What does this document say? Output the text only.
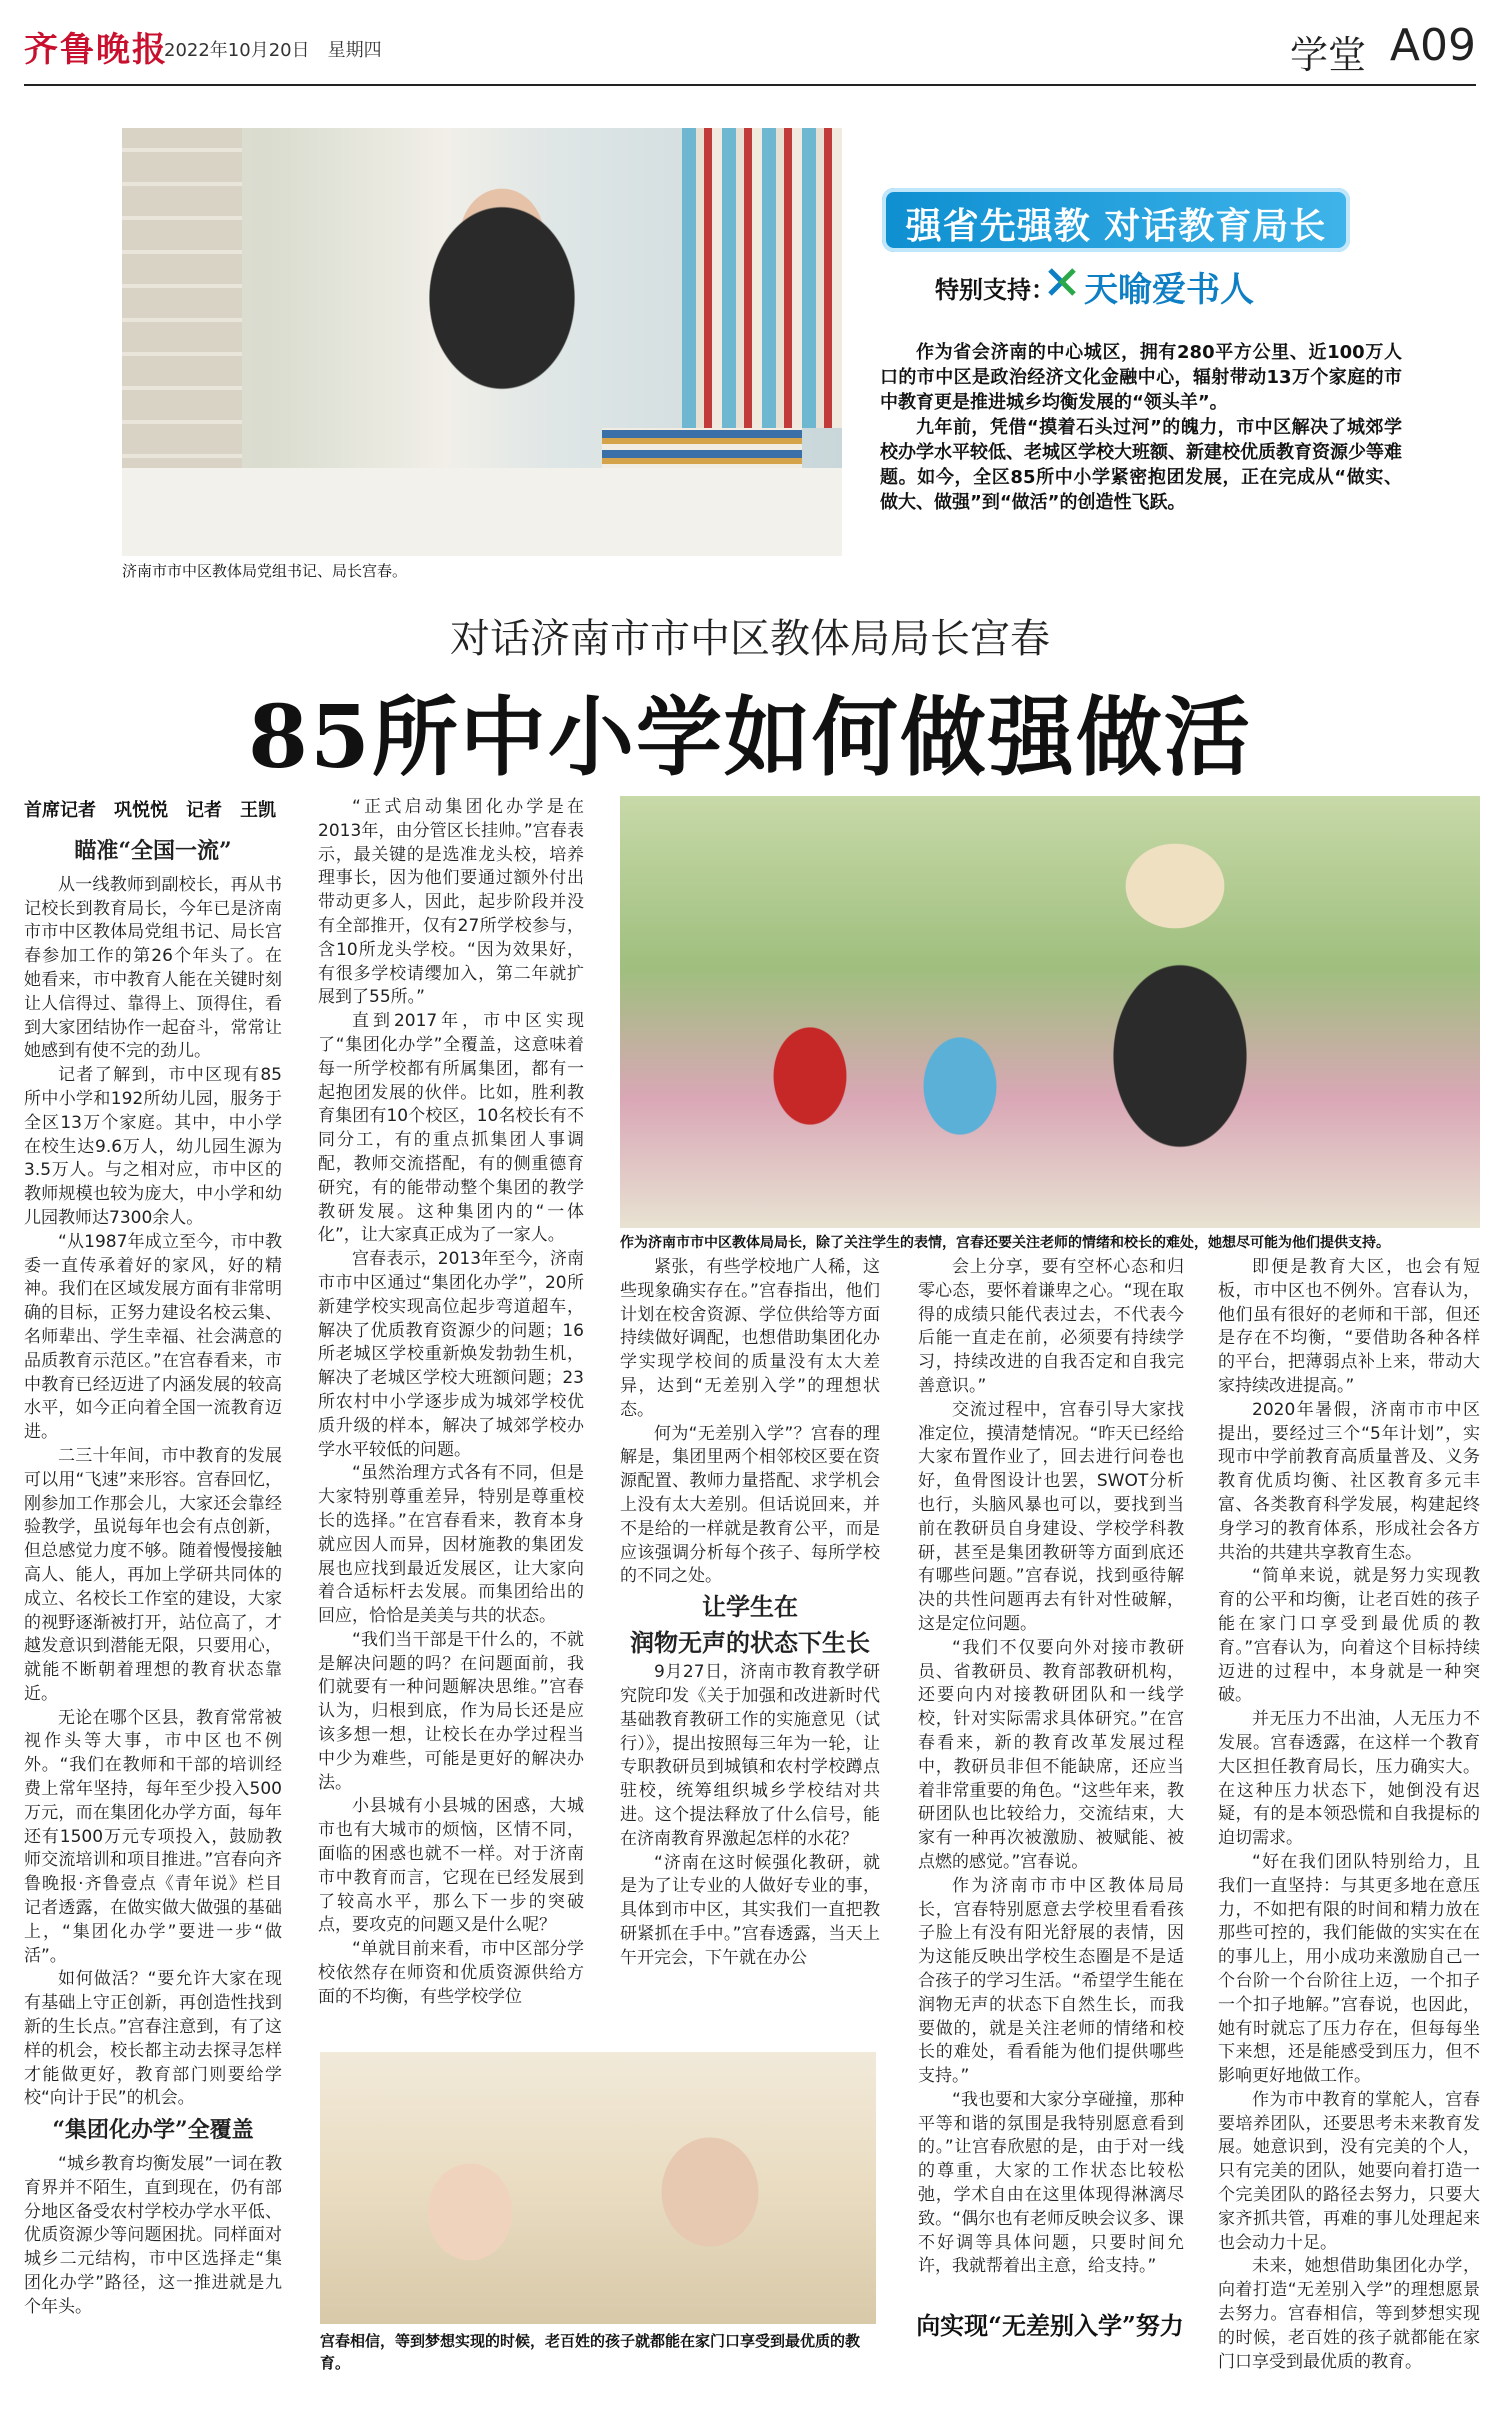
齐鲁晚报
2022年10月20日　星期四	学堂 A09
济南市市中区教体局党组书记、局长宫春。
强省先强教 对话教育局长
特别支持： 天喻爱书人

作为省会济南的中心城区，拥有280平方公里、近100万人口的市中区是政治经济文化金融中心，辐射带动13万个家庭的市中教育更是推进城乡均衡发展的“领头羊”。

九年前，凭借“摸着石头过河”的魄力，市中区解决了城郊学校办学水平较低、老城区学校大班额、新建校优质教育资源少等难题。如今，全区85所中小学紧密抱团发展，正在完成从“做实、做大、做强”到“做活”的创造性飞跃。

对话济南市市中区教体局局长宫春
85所中小学如何做强做活
首席记者　巩悦悦　记者　王凯
瞄准“全国一流”

从一线教师到副校长，再从书记校长到教育局长，今年已是济南市市中区教体局党组书记、局长宫春参加工作的第26个年头了。在她看来，市中教育人能在关键时刻让人信得过、靠得上、顶得住，看到大家团结协作一起奋斗，常常让她感到有使不完的劲儿。

记者了解到，市中区现有85所中小学和192所幼儿园，服务于全区13万个家庭。其中，中小学在校生达9.6万人，幼儿园生源为3.5万人。与之相对应，市中区的教师规模也较为庞大，中小学和幼儿园教师达7300余人。

“从1987年成立至今，市中教委一直传承着好的家风，好的精神。我们在区域发展方面有非常明确的目标，正努力建设名校云集、名师辈出、学生幸福、社会满意的品质教育示范区。”在宫春看来，市中教育已经迈进了内涵发展的较高水平，如今正向着全国一流教育迈进。

二三十年间，市中教育的发展可以用“飞速”来形容。宫春回忆，刚参加工作那会儿，大家还会靠经验教学，虽说每年也会有点创新，但总感觉力度不够。随着慢慢接触高人、能人，再加上学研共同体的成立、名校长工作室的建设，大家的视野逐渐被打开，站位高了，才越发意识到潜能无限，只要用心，就能不断朝着理想的教育状态靠近。

无论在哪个区县，教育常常被视作头等大事，市中区也不例外。“我们在教师和干部的培训经费上常年坚持，每年至少投入500万元，而在集团化办学方面，每年还有1500万元专项投入，鼓励教师交流培训和项目推进。”宫春向齐鲁晚报·齐鲁壹点《青年说》栏目记者透露，在做实做大做强的基础上，“集团化办学”要进一步“做活”。

如何做活？“要允许大家在现有基础上守正创新，再创造性找到新的生长点。”宫春注意到，有了这样的机会，校长都主动去探寻怎样才能做更好，教育部门则要给学校“向计于民”的机会。

“集团化办学”全覆盖

“城乡教育均衡发展”一词在教育界并不陌生，直到现在，仍有部分地区备受农村学校办学水平低、优质资源少等问题困扰。同样面对城乡二元结构，市中区选择走“集团化办学”路径，这一推进就是九个年头。

“正式启动集团化办学是在2013年，由分管区长挂帅。”宫春表示，最关键的是选准龙头校，培养理事长，因为他们要通过额外付出带动更多人，因此，起步阶段并没有全部推开，仅有27所学校参与，含10所龙头学校。“因为效果好，有很多学校请缨加入，第二年就扩展到了55所。”

直到2017年，市中区实现了“集团化办学”全覆盖，这意味着每一所学校都有所属集团，都有一起抱团发展的伙伴。比如，胜利教育集团有10个校区，10名校长有不同分工，有的重点抓集团人事调配，教师交流搭配，有的侧重德育研究，有的能带动整个集团的教学教研发展。这种集团内的“一体化”，让大家真正成为了一家人。

宫春表示，2013年至今，济南市市中区通过“集团化办学”，20所新建学校实现高位起步弯道超车，解决了优质教育资源少的问题；16所老城区学校重新焕发勃勃生机，解决了老城区学校大班额问题；23所农村中小学逐步成为城郊学校优质升级的样本，解决了城郊学校办学水平较低的问题。

“虽然治理方式各有不同，但是大家特别尊重差异，特别是尊重校长的选择。”在宫春看来，教育本身就应因人而异，因材施教的集团发展也应找到最近发展区，让大家向着合适标杆去发展。而集团给出的回应，恰恰是美美与共的状态。

“我们当干部是干什么的，不就是解决问题的吗？在问题面前，我们就要有一种问题解决思维。”宫春认为，归根到底，作为局长还是应该多想一想，让校长在办学过程当中少为难些，可能是更好的解决办法。

小县城有小县城的困惑，大城市也有大城市的烦恼，区情不同，面临的困惑也就不一样。对于济南市中教育而言，它现在已经发展到了较高水平，那么下一步的突破点，要攻克的问题又是什么呢？

“单就目前来看，市中区部分学校依然存在师资和优质资源供给方面的不均衡，有些学校学位

作为济南市市中区教体局局长，除了关注学生的表情，宫春还要关注老师的情绪和校长的难处，她想尽可能为他们提供支持。

紧张，有些学校地广人稀，这些现象确实存在。”宫春指出，他们计划在校舍资源、学位供给等方面持续做好调配，也想借助集团化办学实现学校间的质量没有太大差异，达到“无差别入学”的理想状态。

何为“无差别入学”？宫春的理解是，集团里两个相邻校区要在资源配置、教师力量搭配、求学机会上没有太大差别。但话说回来，并不是给的一样就是教育公平，而是应该强调分析每个孩子、每所学校的不同之处。

让学生在
润物无声的状态下生长

9月27日，济南市教育教学研究院印发《关于加强和改进新时代基础教育教研工作的实施意见（试行）》，提出按照每三年为一轮，让专职教研员到城镇和农村学校蹲点驻校，统筹组织城乡学校结对共进。这个提法释放了什么信号，能在济南教育界激起怎样的水花？

“济南在这时候强化教研，就是为了让专业的人做好专业的事，具体到市中区，其实我们一直把教研紧抓在手中。”宫春透露，当天上午开完会，下午就在办公

会上分享，要有空杯心态和归零心态，要怀着谦卑之心。“现在取得的成绩只能代表过去，不代表今后能一直走在前，必须要有持续学习，持续改进的自我否定和自我完善意识。”

交流过程中，宫春引导大家找准定位，摸清楚情况。“昨天已经给大家布置作业了，回去进行问卷也好，鱼骨图设计也罢，SWOT分析也行，头脑风暴也可以，要找到当前在教研员自身建设、学校学科教研，甚至是集团教研等方面到底还有哪些问题。”宫春说，找到亟待解决的共性问题再去有针对性破解，这是定位问题。

“我们不仅要向外对接市教研员、省教研员、教育部教研机构，还要向内对接教研团队和一线学校，针对实际需求具体研究。”在宫春看来，新的教育改革发展过程中，教研员非但不能缺席，还应当着非常重要的角色。“这些年来，教研团队也比较给力，交流结束，大家有一种再次被激励、被赋能、被点燃的感觉。”宫春说。

作为济南市市中区教体局局长，宫春特别愿意去学校里看看孩子脸上有没有阳光舒展的表情，因为这能反映出学校生态圈是不是适合孩子的学习生活。“希望学生能在润物无声的状态下自然生长，而我要做的，就是关注老师的情绪和校长的难处，看看能为他们提供哪些支持。”

“我也要和大家分享碰撞，那种平等和谐的氛围是我特别愿意看到的。”让宫春欣慰的是，由于对一线的尊重，大家的工作状态比较松弛，学术自由在这里体现得淋漓尽致。“偶尔也有老师反映会议多、课不好调等具体问题，只要时间允许，我就帮着出主意，给支持。”

向实现“无差别入学”努力

即便是教育大区，也会有短板，市中区也不例外。宫春认为，他们虽有很好的老师和干部，但还是存在不均衡，“要借助各种各样的平台，把薄弱点补上来，带动大家持续改进提高。”

2020年暑假，济南市市中区提出，要经过三个“5年计划”，实现市中学前教育高质量普及、义务教育优质均衡、社区教育多元丰富、各类教育科学发展，构建起终身学习的教育体系，形成社会各方共治的共建共享教育生态。

“简单来说，就是努力实现教育的公平和均衡，让老百姓的孩子能在家门口享受到最优质的教育。”宫春认为，向着这个目标持续迈进的过程中，本身就是一种突破。

并无压力不出油，人无压力不发展。宫春透露，在这样一个教育大区担任教育局长，压力确实大。在这种压力状态下，她倒没有迟疑，有的是本领恐慌和自我提标的迫切需求。

“好在我们团队特别给力，且我们一直坚持：与其更多地在意压力，不如把有限的时间和精力放在那些可控的，我们能做的实实在在的事儿上，用小成功来激励自己一个台阶一个台阶往上迈，一个扣子一个扣子地解。”宫春说，也因此，她有时就忘了压力存在，但每每坐下来想，还是能感受到压力，但不影响更好地做工作。

作为市中教育的掌舵人，宫春要培养团队，还要思考未来教育发展。她意识到，没有完美的个人，只有完美的团队，她要向着打造一个完美团队的路径去努力，只要大家齐抓共管，再难的事儿处理起来也会动力十足。

未来，她想借助集团化办学，向着打造“无差别入学”的理想愿景去努力。宫春相信，等到梦想实现的时候，老百姓的孩子就都能在家门口享受到最优质的教育。

宫春相信，等到梦想实现的时候，老百姓的孩子就都能在家门口享受到最优质的教育。
